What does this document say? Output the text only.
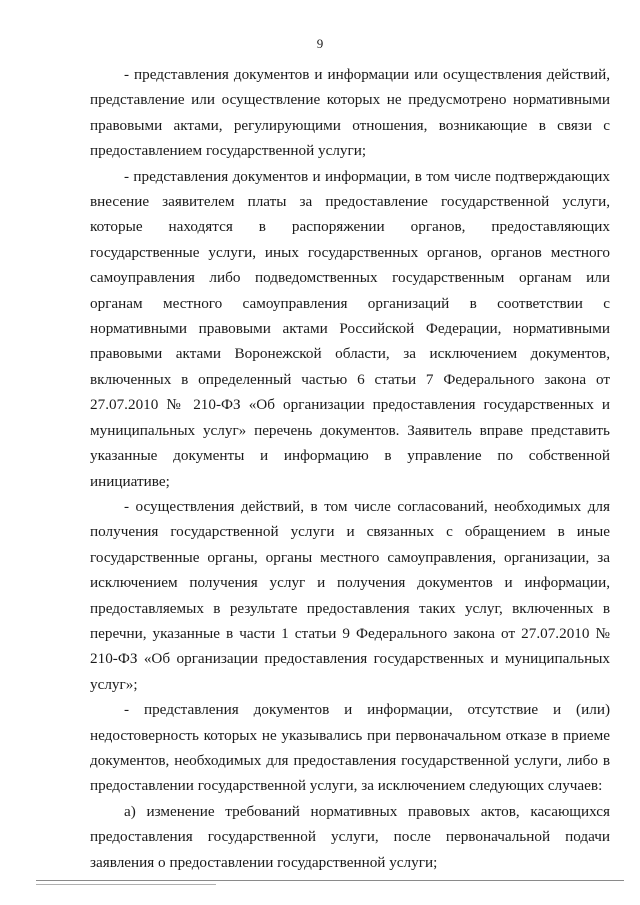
9

- представления документов и информации или осуществления действий, представление или осуществление которых не предусмотрено нормативными правовыми актами, регулирующими отношения, возникающие в связи с предоставлением государственной услуги;

- представления документов и информации, в том числе подтверждающих внесение заявителем платы за предоставление государственной услуги, которые находятся в распоряжении органов, предоставляющих государственные услуги, иных государственных органов, органов местного самоуправления либо подведомственных государственным органам или органам местного самоуправления организаций в соответствии с нормативными правовыми актами Российской Федерации, нормативными правовыми актами Воронежской области, за исключением документов, включенных в определенный частью 6 статьи 7 Федерального закона от 27.07.2010 № 210-ФЗ «Об организации предоставления государственных и муниципальных услуг» перечень документов. Заявитель вправе представить указанные документы и информацию в управление по собственной инициативе;

- осуществления действий, в том числе согласований, необходимых для получения государственной услуги и связанных с обращением в иные государственные органы, органы местного самоуправления, организации, за исключением получения услуг и получения документов и информации, предоставляемых в результате предоставления таких услуг, включенных в перечни, указанные в части 1 статьи 9 Федерального закона от 27.07.2010 № 210-ФЗ «Об организации предоставления государственных и муниципальных услуг»;

- представления документов и информации, отсутствие и (или) недостоверность которых не указывались при первоначальном отказе в приеме документов, необходимых для предоставления государственной услуги, либо в предоставлении государственной услуги, за исключением следующих случаев:

а) изменение требований нормативных правовых актов, касающихся предоставления государственной услуги, после первоначальной подачи заявления о предоставлении государственной услуги;
